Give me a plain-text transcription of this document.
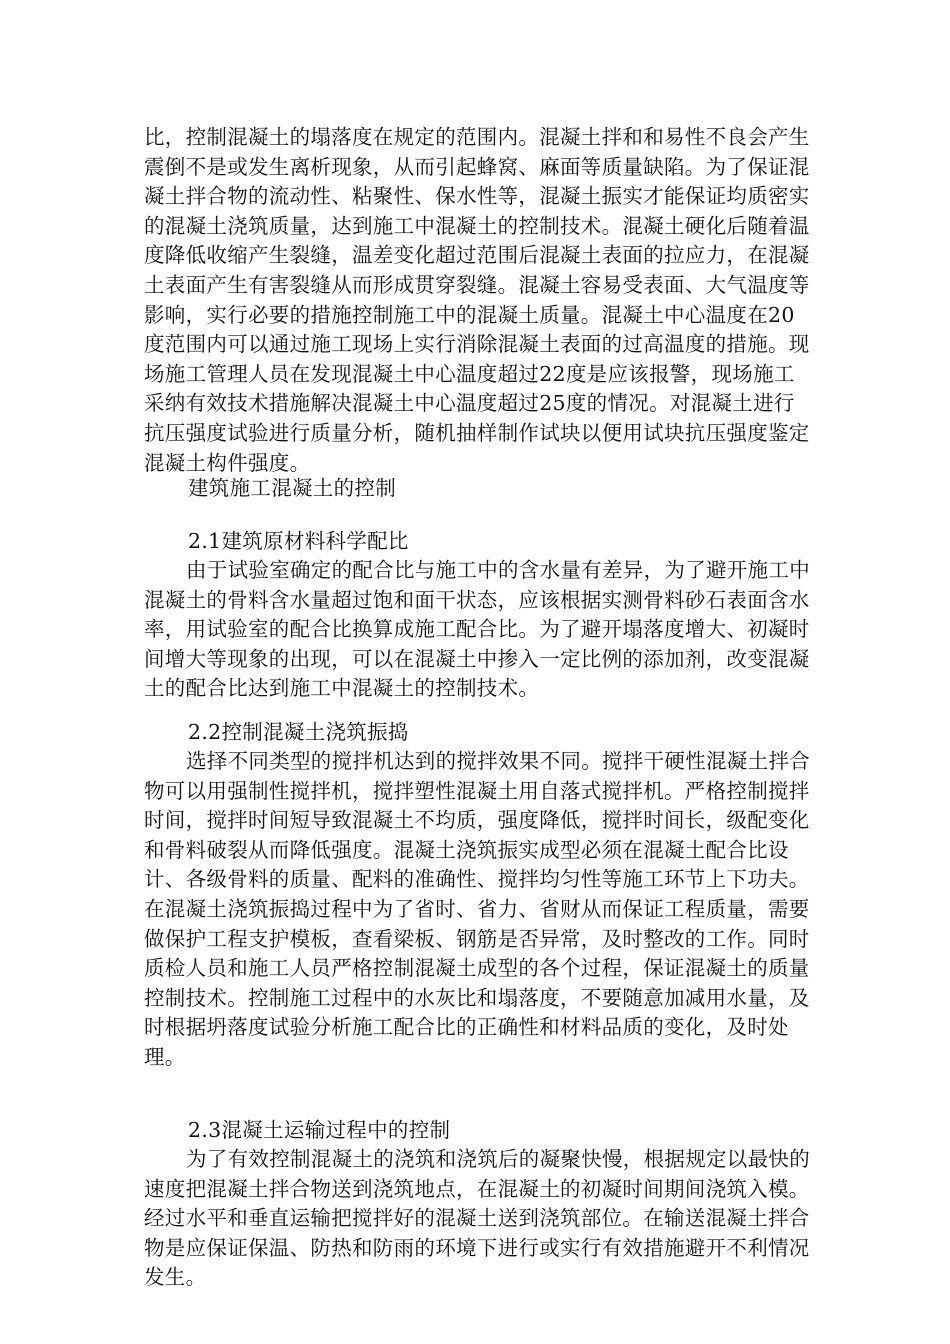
比，控制混凝土的塌落度在规定的范围内。混凝土拌和和易性不良会产生震倒不是或发生离析现象，从而引起蜂窝、麻面等质量缺陷。为了保证混凝土拌合物的流动性、粘聚性、保水性等，混凝土振实才能保证均质密实的混凝土浇筑质量，达到施工中混凝土的控制技术。混凝土硬化后随着温度降低收缩产生裂缝，温差变化超过范围后混凝土表面的拉应力，在混凝土表面产生有害裂缝从而形成贯穿裂缝。混凝土容易受表面、大气温度等影响，实行必要的措施控制施工中的混凝土质量。混凝土中心温度在20度范围内可以通过施工现场上实行消除混凝土表面的过高温度的措施。现场施工管理人员在发现混凝土中心温度超过22度是应该报警，现场施工采纳有效技术措施解决混凝土中心温度超过25度的情况。对混凝土进行抗压强度试验进行质量分析，随机抽样制作试块以便用试块抗压强度鉴定混凝土构件强度。

建筑施工混凝土的控制
2.1建筑原材料科学配比

由于试验室确定的配合比与施工中的含水量有差异，为了避开施工中混凝土的骨料含水量超过饱和面干状态，应该根据实测骨料砂石表面含水率，用试验室的配合比换算成施工配合比。为了避开塌落度增大、初凝时间增大等现象的出现，可以在混凝土中掺入一定比例的添加剂，改变混凝土的配合比达到施工中混凝土的控制技术。

2.2控制混凝土浇筑振捣

选择不同类型的搅拌机达到的搅拌效果不同。搅拌干硬性混凝土拌合物可以用强制性搅拌机，搅拌塑性混凝土用自落式搅拌机。严格控制搅拌时间，搅拌时间短导致混凝土不均质，强度降低，搅拌时间长，级配变化和骨料破裂从而降低强度。混凝土浇筑振实成型必须在混凝土配合比设计、各级骨料的质量、配料的准确性、搅拌均匀性等施工环节上下功夫。在混凝土浇筑振捣过程中为了省时、省力、省财从而保证工程质量，需要做保护工程支护模板，查看梁板、钢筋是否异常，及时整改的工作。同时质检人员和施工人员严格控制混凝土成型的各个过程，保证混凝土的质量控制技术。控制施工过程中的水灰比和塌落度，不要随意加减用水量，及时根据坍落度试验分析施工配合比的正确性和材料品质的变化，及时处理。

2.3混凝土运输过程中的控制

为了有效控制混凝土的浇筑和浇筑后的凝聚快慢，根据规定以最快的速度把混凝土拌合物送到浇筑地点，在混凝土的初凝时间期间浇筑入模。经过水平和垂直运输把搅拌好的混凝土送到浇筑部位。在输送混凝土拌合物是应保证保温、防热和防雨的环境下进行或实行有效措施避开不利情况发生。
